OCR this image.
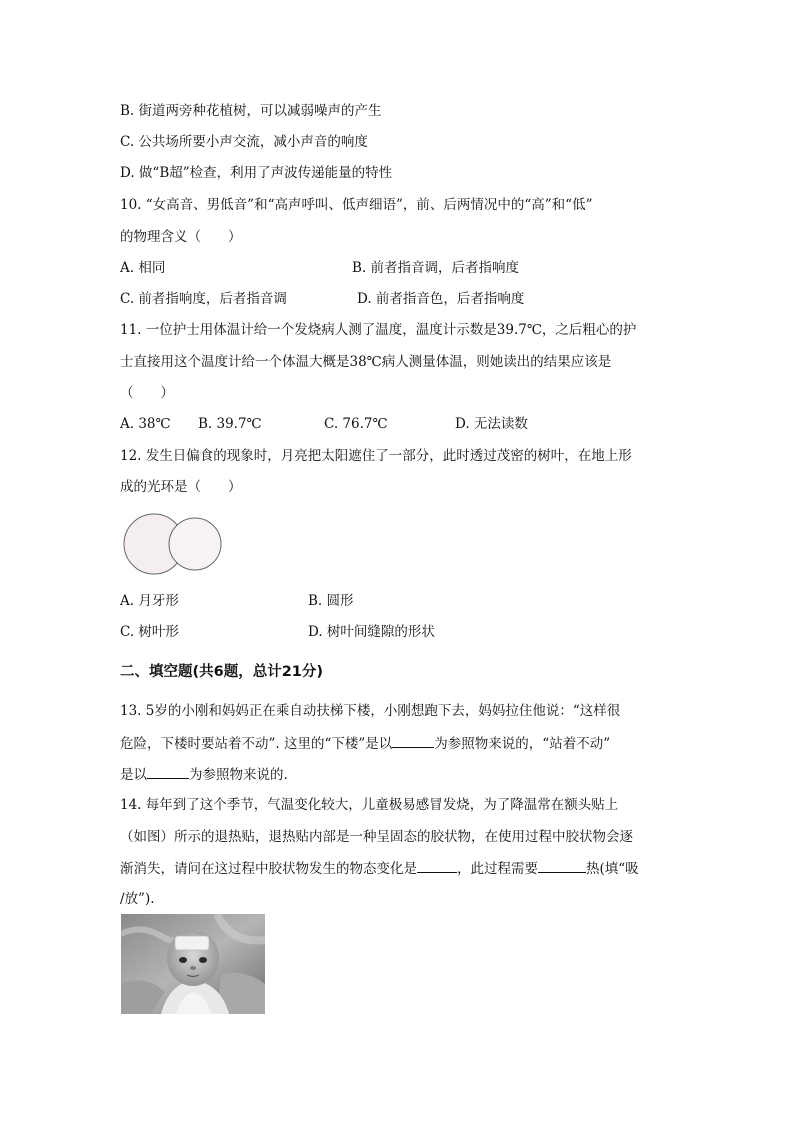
B. 街道两旁种花植树，可以减弱噪声的产生
C. 公共场所要小声交流，减小声音的响度
D. 做“B超”检查，利用了声波传递能量的特性
10. “女高音、男低音”和“高声呼叫、低声细语”，前、后两情况中的“高”和“低”
的物理含义（　　）
A. 相同	B. 前者指音调，后者指响度
C. 前者指响度，后者指音调	D. 前者指音色，后者指响度
11. 一位护士用体温计给一个发烧病人测了温度，温度计示数是39.7℃，之后粗心的护
士直接用这个温度计给一个体温大概是38℃病人测量体温，则她读出的结果应该是
（　　）
A. 38℃ B. 39.7℃	C. 76.7℃	D. 无法读数
12. 发生日偏食的现象时，月亮把太阳遮住了一部分，此时透过茂密的树叶，在地上形
成的光环是（　　）
A. 月牙形	B. 圆形
C. 树叶形	D. 树叶间缝隙的形状
二、填空题(共6题，总计21分)
13. 5岁的小刚和妈妈正在乘自动扶梯下楼，小刚想跑下去，妈妈拉住他说：“这样很
危险，下楼时要站着不动”. 这里的“下楼”是以	为参照物来说的，“站着不动”
是以	为参照物来说的.
14. 每年到了这个季节，气温变化较大，儿童极易感冒发烧，为了降温常在额头贴上
（如图）所示的退热贴，退热贴内部是一种呈固态的胶状物，在使用过程中胶状物会逐
渐消失，请问在这过程中胶状物发生的物态变化是	，此过程需要	热(填“吸
/放”).
